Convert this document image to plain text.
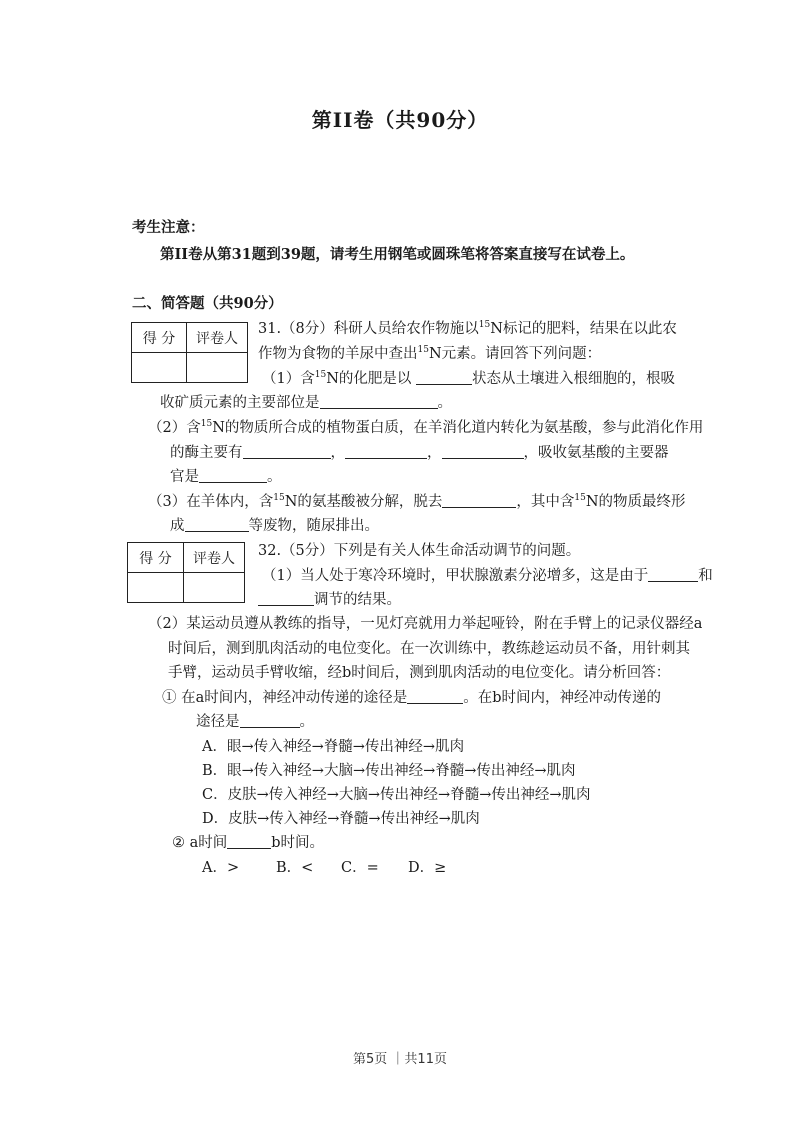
第II卷（共90分）
考生注意：
第II卷从第31题到39题，请考生用钢笔或圆珠笔将答案直接写在试卷上。
二、简答题（共90分）
得 分	评卷人

31.（8分）科研人员给农作物施以$^{15}$N标记的肥料，结果在以此农
作物为食物的羊尿中查出$^{15}$N元素。请回答下列问题：
（1）含$^{15}$N的化肥是以	状态从土壤进入根细胞的，根吸
收矿质元素的主要部位是	。
（2）含$^{15}$N的物质所合成的植物蛋白质，在羊消化道内转化为氨基酸，参与此消化作用
的酶主要有	，	，	，吸收氨基酸的主要器
官是	。
（3）在羊体内，含$^{15}$N的氨基酸被分解，脱去	，其中含$^{15}$N的物质最终形
成	等废物，随尿排出。
得 分	评卷人
	32.（5分）下列是有关人体生命活动调节的问题。
（1）当人处于寒冷环境时，甲状腺激素分泌增多，这是由于	和
调节的结果。
（2）某运动员遵从教练的指导，一见灯亮就用力举起哑铃，附在手臂上的记录仪器经a
时间后，测到肌肉活动的电位变化。在一次训练中，教练趁运动员不备，用针刺其
手臂，运动员手臂收缩，经b时间后，测到肌肉活动的电位变化。请分析回答：
① 在a时间内，神经冲动传递的途径是	。在b时间内，神经冲动传递的
途径是	。
A．眼→传入神经→脊髓→传出神经→肌肉
B．眼→传入神经→大脑→传出神经→脊髓→传出神经→肌肉
C．皮肤→传入神经→大脑→传出神经→脊髓→传出神经→肌肉
D．皮肤→传入神经→脊髓→传出神经→肌肉
② a时间	b时间。
A．>	B．< C．= D．≥
第5页 ｜共11页
